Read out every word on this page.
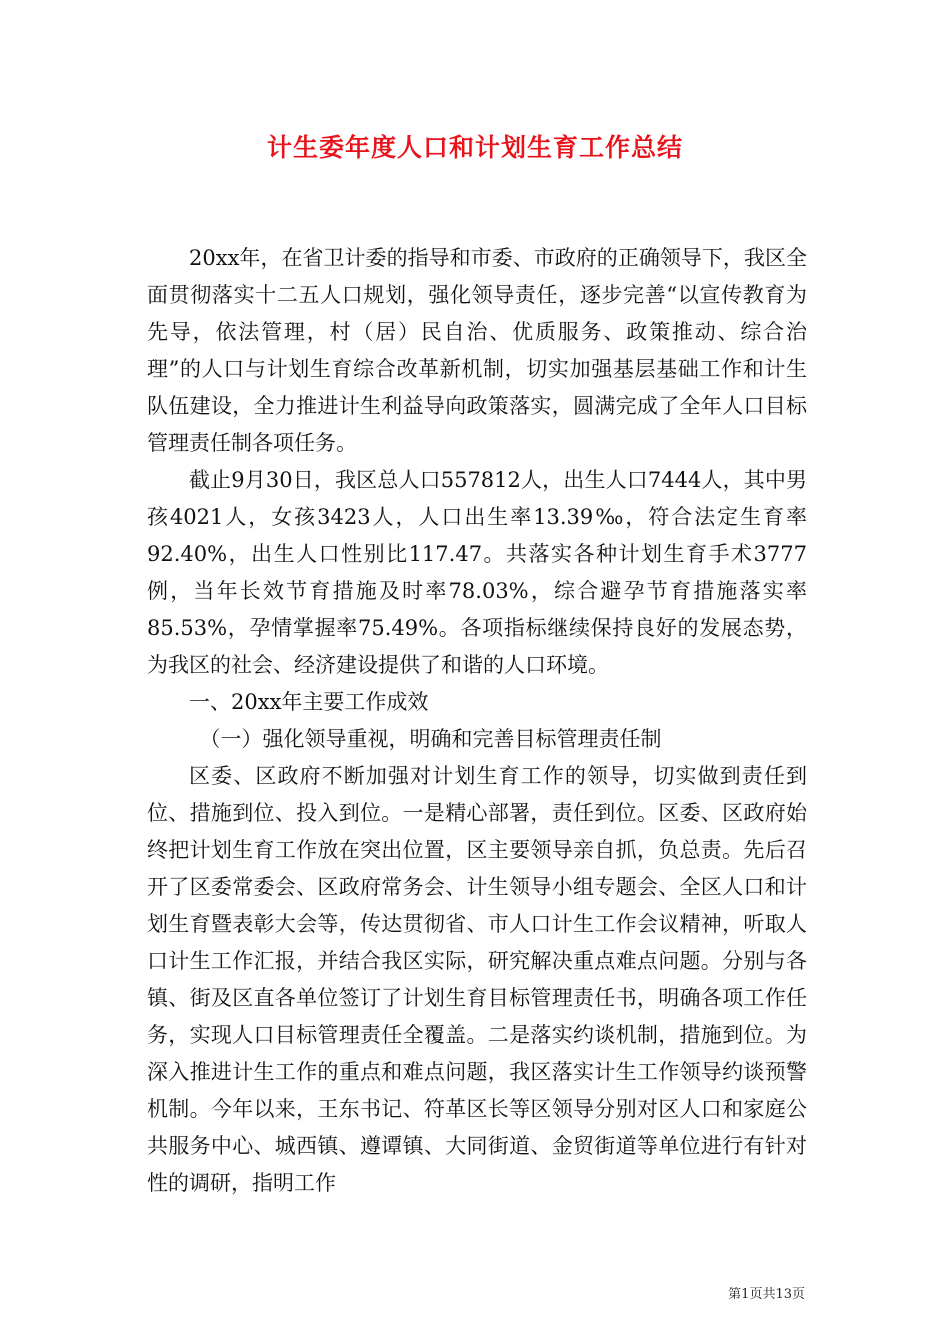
计生委年度人口和计划生育工作总结

20xx年，在省卫计委的指导和市委、市政府的正确领导下，我区全面贯彻落实十二五人口规划，强化领导责任，逐步完善“以宣传教育为先导，依法管理，村（居）民自治、优质服务、政策推动、综合治理”的人口与计划生育综合改革新机制，切实加强基层基础工作和计生队伍建设，全力推进计生利益导向政策落实，圆满完成了全年人口目标管理责任制各项任务。

截止9月30日，我区总人口557812人，出生人口7444人，其中男孩4021人，女孩3423人，人口出生率13.39‰，符合法定生育率92.40%，出生人口性别比117.47。共落实各种计划生育手术3777例，当年长效节育措施及时率78.03%，综合避孕节育措施落实率85.53%，孕情掌握率75.49%。各项指标继续保持良好的发展态势，为我区的社会、经济建设提供了和谐的人口环境。

一、20xx年主要工作成效

（一）强化领导重视，明确和完善目标管理责任制

区委、区政府不断加强对计划生育工作的领导，切实做到责任到位、措施到位、投入到位。一是精心部署，责任到位。区委、区政府始终把计划生育工作放在突出位置，区主要领导亲自抓，负总责。先后召开了区委常委会、区政府常务会、计生领导小组专题会、全区人口和计划生育暨表彰大会等，传达贯彻省、市人口计生工作会议精神，听取人口计生工作汇报，并结合我区实际，研究解决重点难点问题。分别与各镇、街及区直各单位签订了计划生育目标管理责任书，明确各项工作任务，实现人口目标管理责任全覆盖。二是落实约谈机制，措施到位。为深入推进计生工作的重点和难点问题，我区落实计生工作领导约谈预警机制。今年以来，王东书记、符革区长等区领导分别对区人口和家庭公共服务中心、城西镇、遵谭镇、大同街道、金贸街道等单位进行有针对性的调研，指明工作

第1页共13页
